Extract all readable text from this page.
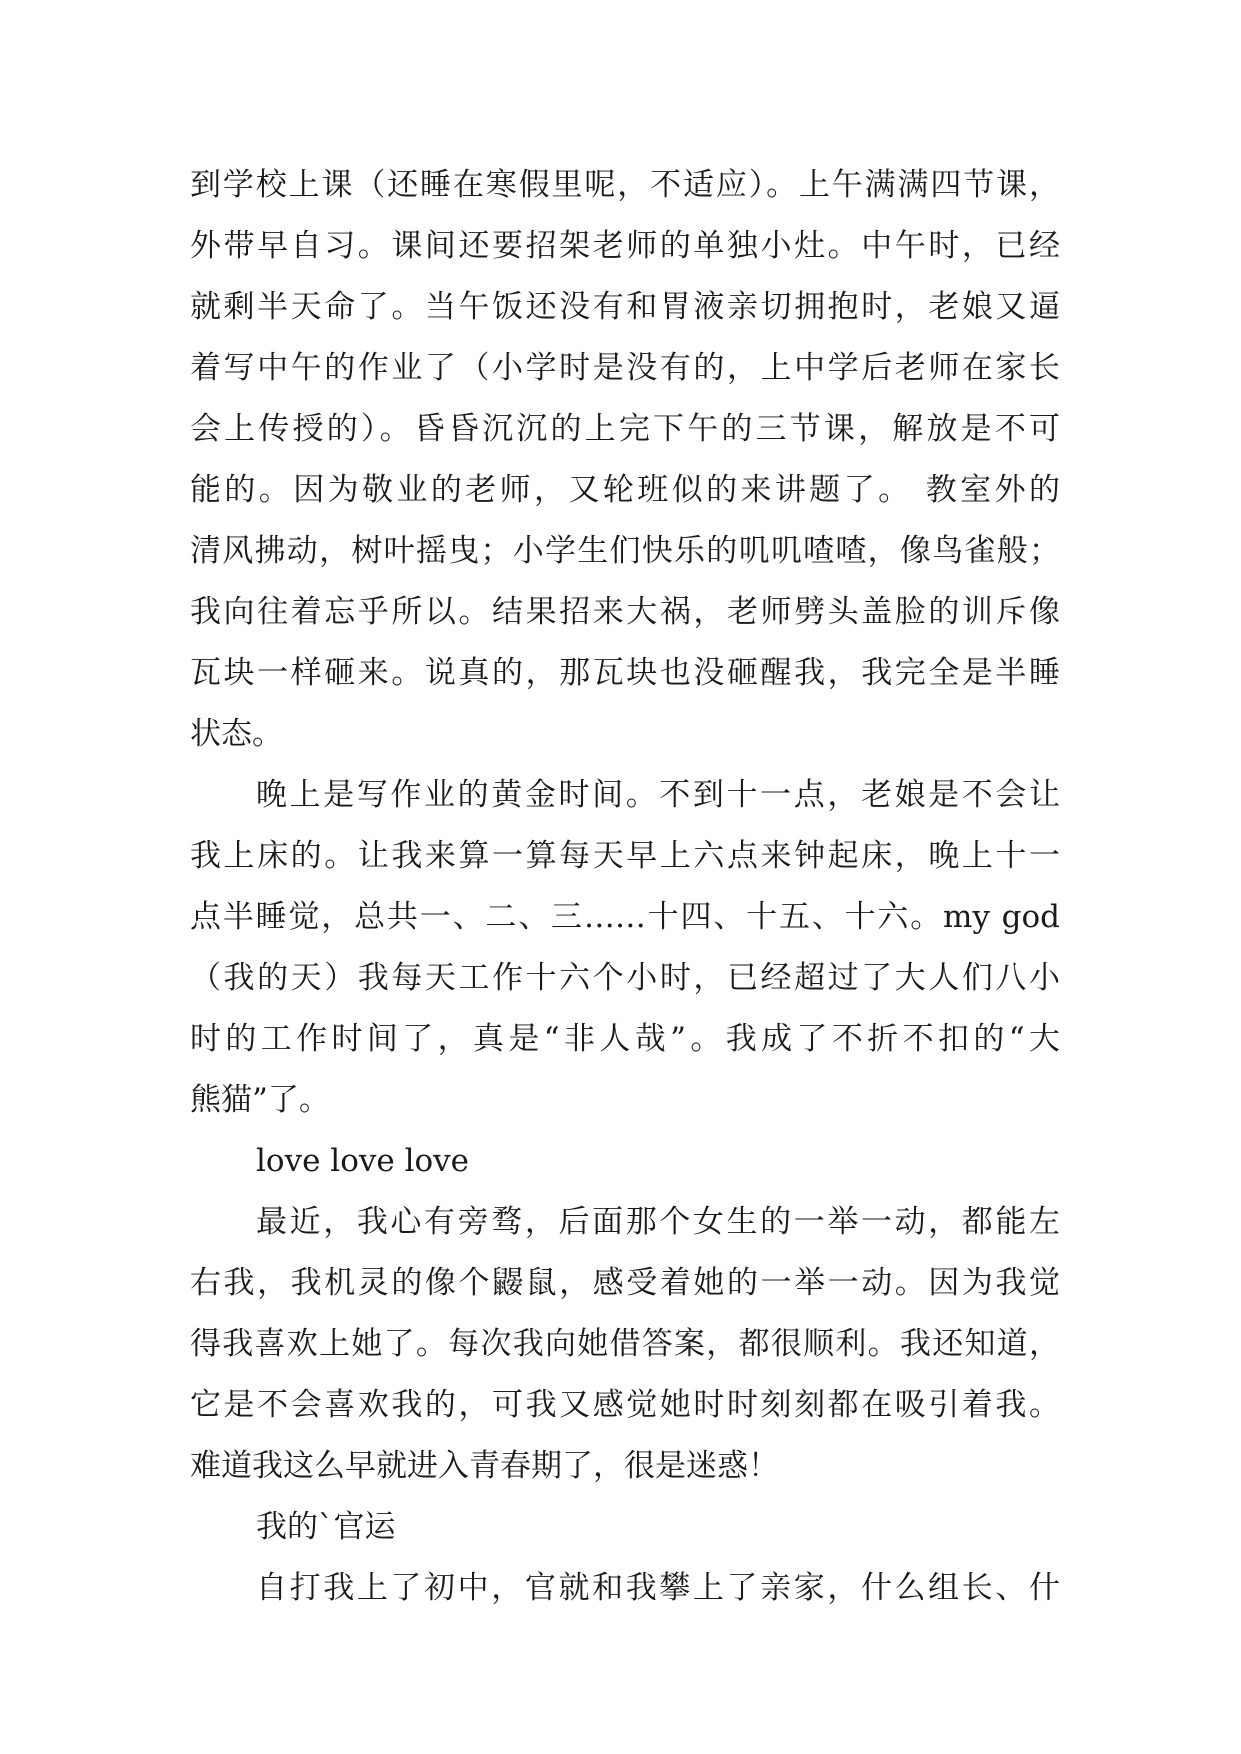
到学校上课（还睡在寒假里呢，不适应）。上午满满四节课，
外带早自习。课间还要招架老师的单独小灶。中午时，已经
就剩半天命了。当午饭还没有和胃液亲切拥抱时，老娘又逼
着写中午的作业了（小学时是没有的，上中学后老师在家长
会上传授的）。昏昏沉沉的上完下午的三节课，解放是不可
能的。因为敬业的老师，又轮班似的来讲题了。 教室外的
清风拂动，树叶摇曳；小学生们快乐的叽叽喳喳，像鸟雀般；
我向往着忘乎所以。结果招来大祸，老师劈头盖脸的训斥像
瓦块一样砸来。说真的，那瓦块也没砸醒我，我完全是半睡
状态。
晚上是写作业的黄金时间。不到十一点，老娘是不会让
我上床的。让我来算一算每天早上六点来钟起床，晚上十一
点半睡觉，总共一、二、三……十四、十五、十六。my god
（我的天）我每天工作十六个小时，已经超过了大人们八小
时的工作时间了，真是“非人哉”。我成了不折不扣的“大
熊猫”了。
love love love
最近，我心有旁骛，后面那个女生的一举一动，都能左
右我，我机灵的像个鼹鼠，感受着她的一举一动。因为我觉
得我喜欢上她了。每次我向她借答案，都很顺利。我还知道，
它是不会喜欢我的，可我又感觉她时时刻刻都在吸引着我。
难道我这么早就进入青春期了，很是迷惑！
我的`官运
自打我上了初中，官就和我攀上了亲家，什么组长、什
